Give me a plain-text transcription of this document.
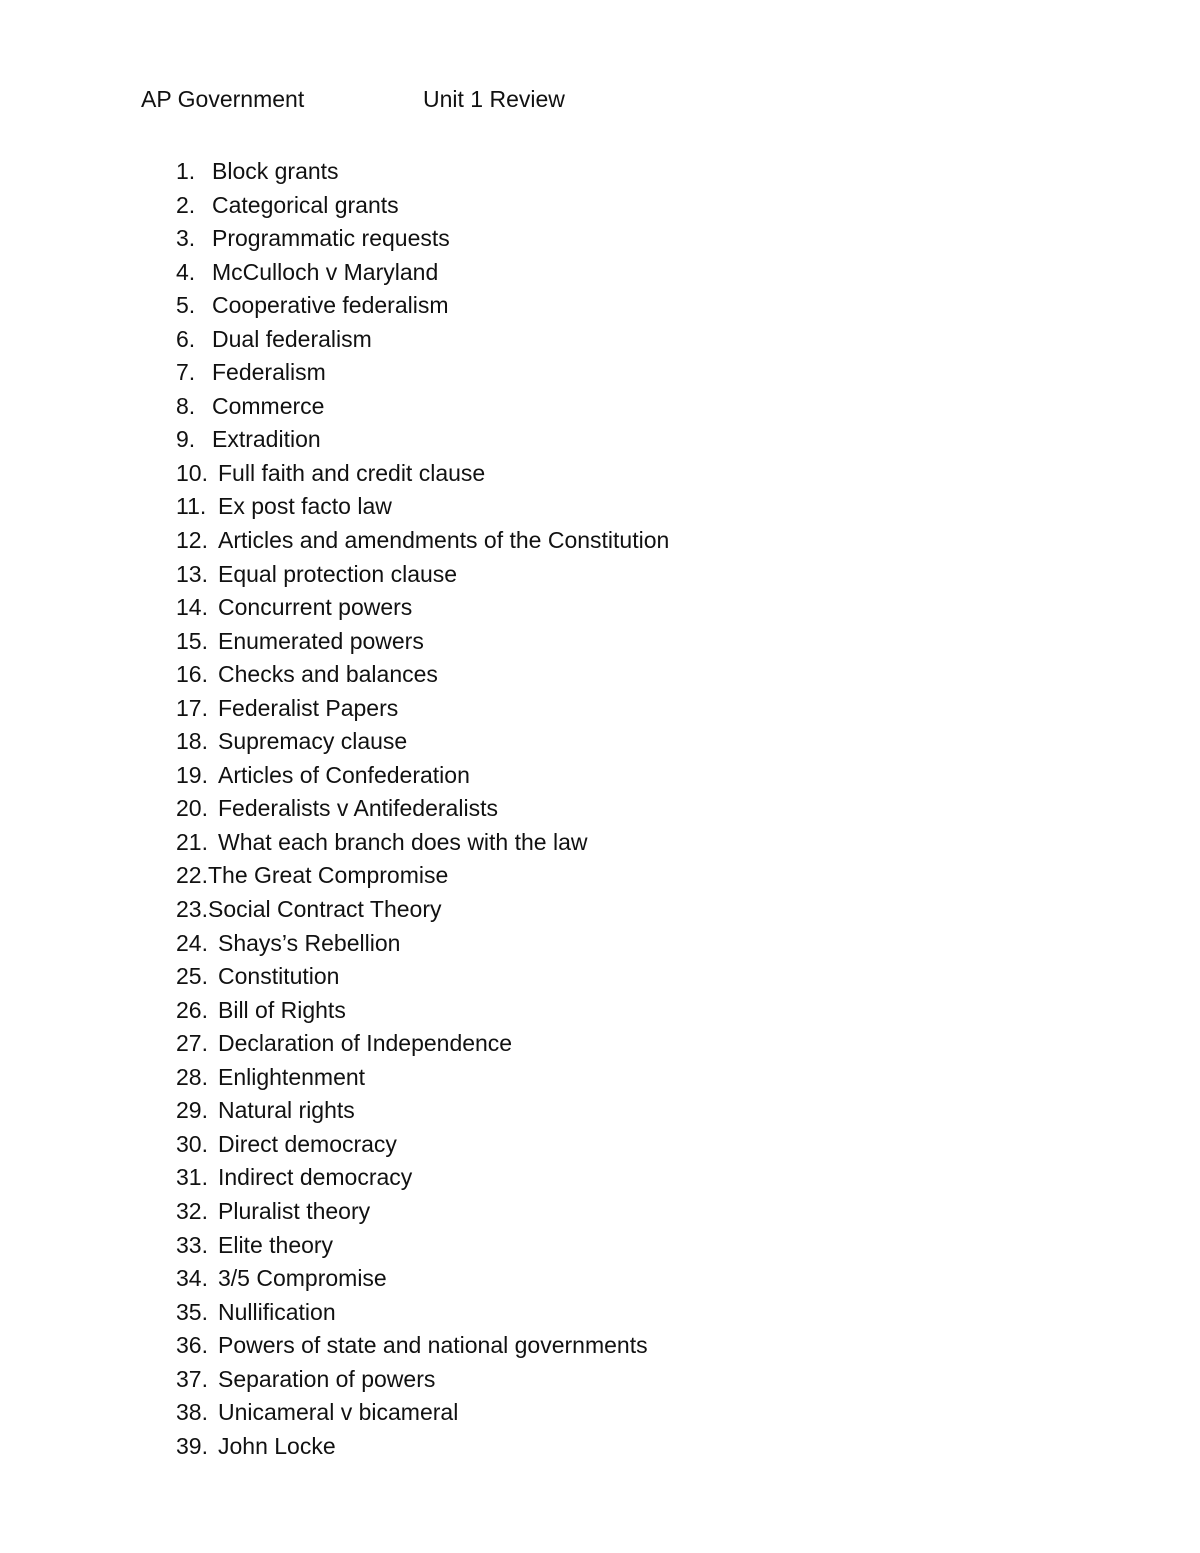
AP Government	Unit 1 Review
1. Block grants
2. Categorical grants
3. Programmatic requests
4. McCulloch v Maryland
5. Cooperative federalism
6. Dual federalism
7. Federalism
8. Commerce
9. Extradition
10. Full faith and credit clause
11. Ex post facto law
12. Articles and amendments of the Constitution
13. Equal protection clause
14. Concurrent powers
15. Enumerated powers
16. Checks and balances
17. Federalist Papers
18. Supremacy clause
19. Articles of Confederation
20. Federalists v Antifederalists
21. What each branch does with the law
22.The Great Compromise
23.Social Contract Theory
24. Shays’s Rebellion
25. Constitution
26. Bill of Rights
27. Declaration of Independence
28. Enlightenment
29. Natural rights
30. Direct democracy
31. Indirect democracy
32. Pluralist theory
33. Elite theory
34. 3/5 Compromise
35. Nullification
36. Powers of state and national governments
37. Separation of powers
38. Unicameral v bicameral
39. John Locke
